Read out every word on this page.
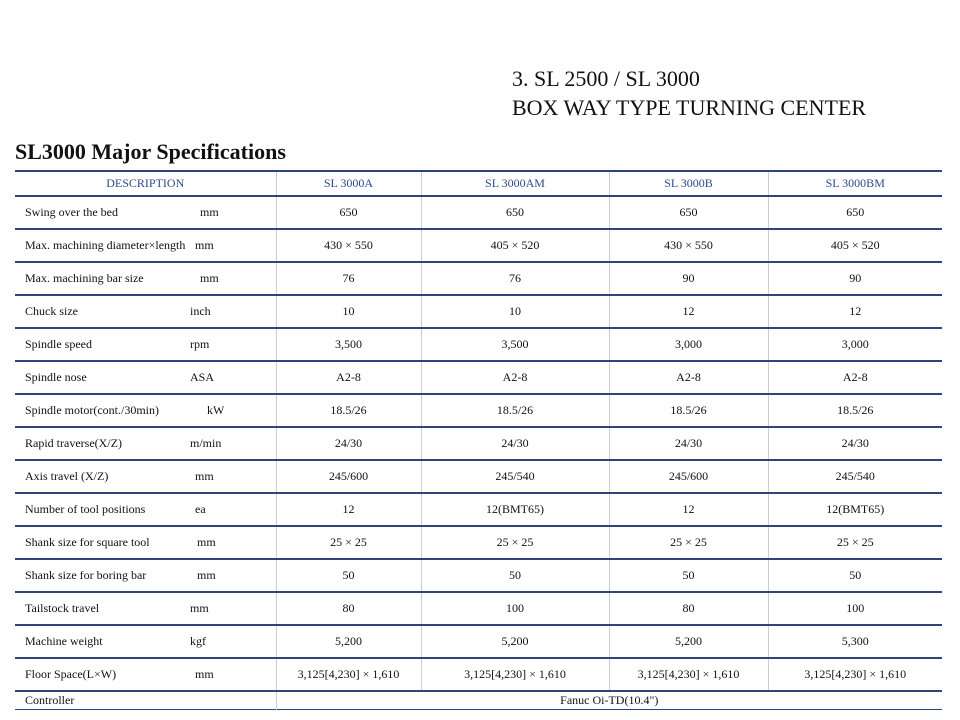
3. SL 2500 / SL 3000
BOX WAY TYPE TURNING CENTER
SL3000 Major Specifications
DESCRIPTION	SL 3000A	SL 3000AM	SL 3000B	SL 3000BM

Swing over the bed mm	650	650	650	650

Max. machining diameter×length mm	430 × 550	405 × 520	430 × 550	405 × 520

Max. machining bar size mm	76	76	90	90

Chuck size inch	10	10	12	12

Spindle speed rpm	3,500	3,500	3,000	3,000

Spindle nose ASA	A2-8	A2-8	A2-8	A2-8

Spindle motor(cont./30min) kW	18.5/26	18.5/26	18.5/26	18.5/26

Rapid traverse(X/Z) m/min	24/30	24/30	24/30	24/30

Axis travel (X/Z) mm	245/600	245/540	245/600	245/540

Number of tool positions ea	12	12(BMT65)	12	12(BMT65)

Shank size for square tool mm	25 × 25	25 × 25	25 × 25	25 × 25

Shank size for boring bar mm	50	50	50	50

Tailstock travel mm	80	100	80	100

Machine weight kgf	5,200	5,200	5,200	5,300

Floor Space(L×W) mm	3,125[4,230] × 1,610	3,125[4,230] × 1,610	3,125[4,230] × 1,610	3,125[4,230] × 1,610
Controller	Fanuc Oi-TD(10.4")			
